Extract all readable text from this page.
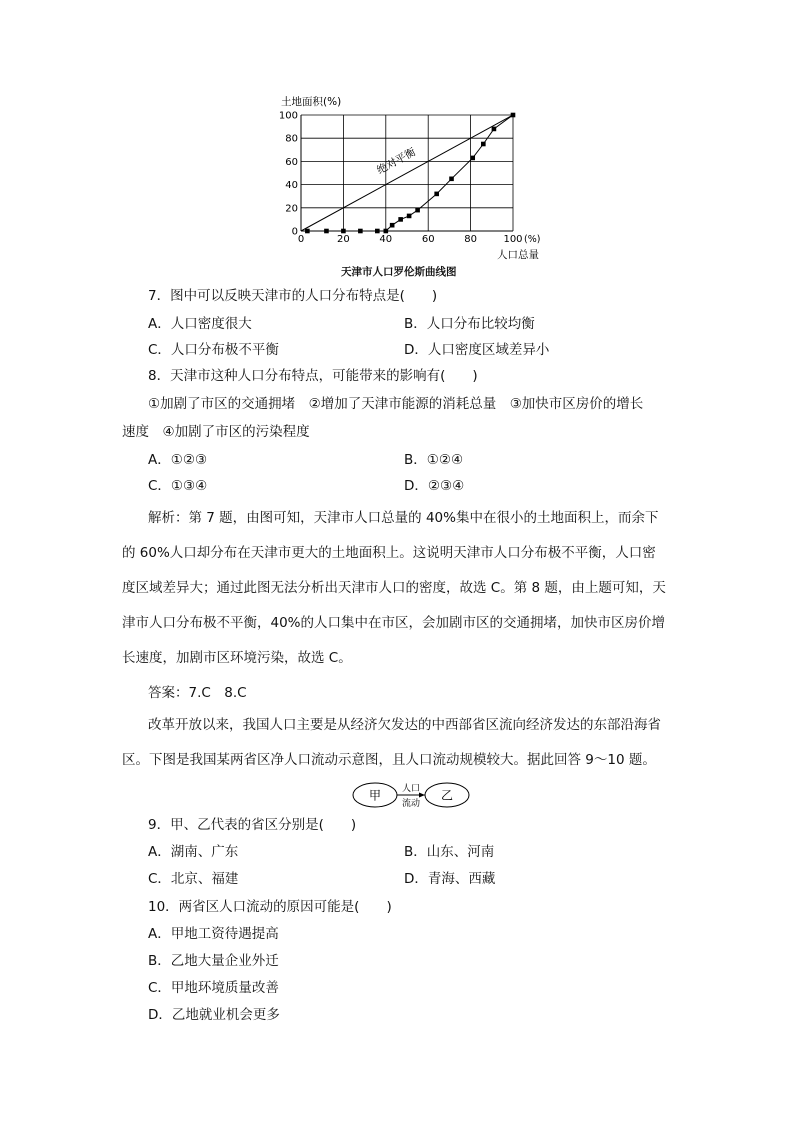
0	20	40	60	80	100
0
20
40
60
80
100
绝对平衡
土地面积(%)
(%)
人口总量
天津市人口罗伦斯曲线图
7．图中可以反映天津市的人口分布特点是(　　)
A．人口密度很大	B．人口分布比较均衡
C．人口分布极不平衡	D．人口密度区域差异小
8．天津市这种人口分布特点，可能带来的影响有(　　)
①加剧了市区的交通拥堵　②增加了天津市能源的消耗总量　③加快市区房价的增长
速度　④加剧了市区的污染程度
A．①②③	B．①②④
C．①③④	D．②③④
解析：第 7 题，由图可知，天津市人口总量的 40%集中在很小的土地面积上，而余下
的 60%人口却分布在天津市更大的土地面积上。这说明天津市人口分布极不平衡，人口密
度区域差异大；通过此图无法分析出天津市人口的密度，故选 C。第 8 题，由上题可知，天
津市人口分布极不平衡，40%的人口集中在市区，会加剧市区的交通拥堵，加快市区房价增
长速度，加剧市区环境污染，故选 C。
答案：7.C　8.C
改革开放以来，我国人口主要是从经济欠发达的中西部省区流向经济发达的东部沿海省
区。下图是我国某两省区净人口流动示意图，且人口流动规模较大。据此回答 9～10 题。
甲	乙
人口
流动
9．甲、乙代表的省区分别是(　　)
A．湖南、广东	B．山东、河南
C．北京、福建	D．青海、西藏
10．两省区人口流动的原因可能是(　　)
A．甲地工资待遇提高
B．乙地大量企业外迁
C．甲地环境质量改善
D．乙地就业机会更多
